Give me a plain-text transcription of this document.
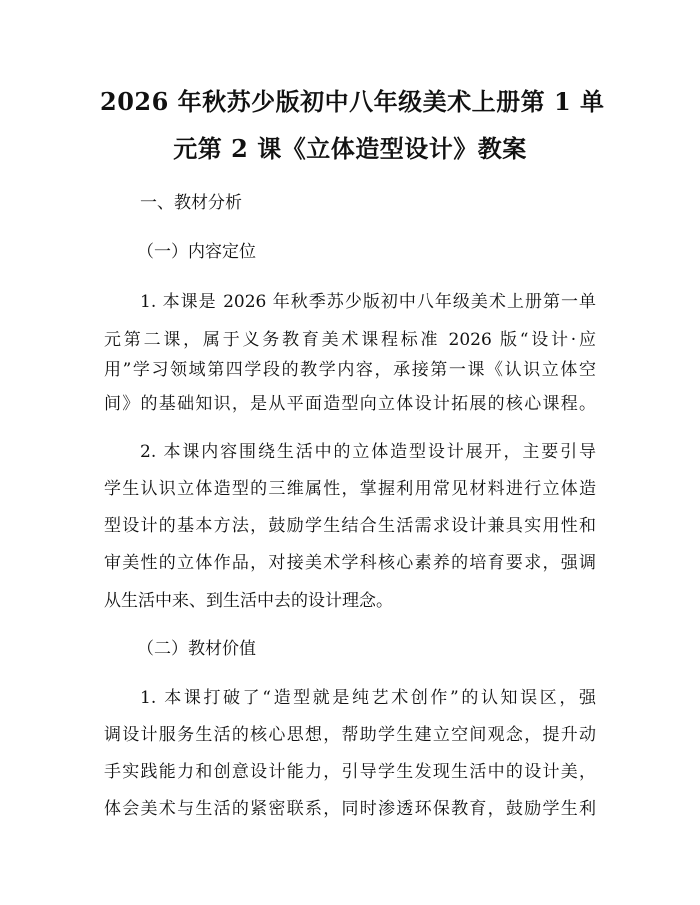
2026 年秋苏少版初中八年级美术上册第 1 单
元第 2 课《立体造型设计》教案
一、教材分析
（一）内容定位
1. 本课是 2026 年秋季苏少版初中八年级美术上册第一单
元第二课，属于义务教育美术课程标准 2026 版“设计·应
用”学习领域第四学段的教学内容，承接第一课《认识立体空
间》的基础知识，是从平面造型向立体设计拓展的核心课程。
2. 本课内容围绕生活中的立体造型设计展开，主要引导
学生认识立体造型的三维属性，掌握利用常见材料进行立体造
型设计的基本方法，鼓励学生结合生活需求设计兼具实用性和
审美性的立体作品，对接美术学科核心素养的培育要求，强调
从生活中来、到生活中去的设计理念。
（二）教材价值
1. 本课打破了“造型就是纯艺术创作”的认知误区，强
调设计服务生活的核心思想，帮助学生建立空间观念，提升动
手实践能力和创意设计能力，引导学生发现生活中的设计美，
体会美术与生活的紧密联系，同时渗透环保教育，鼓励学生利
